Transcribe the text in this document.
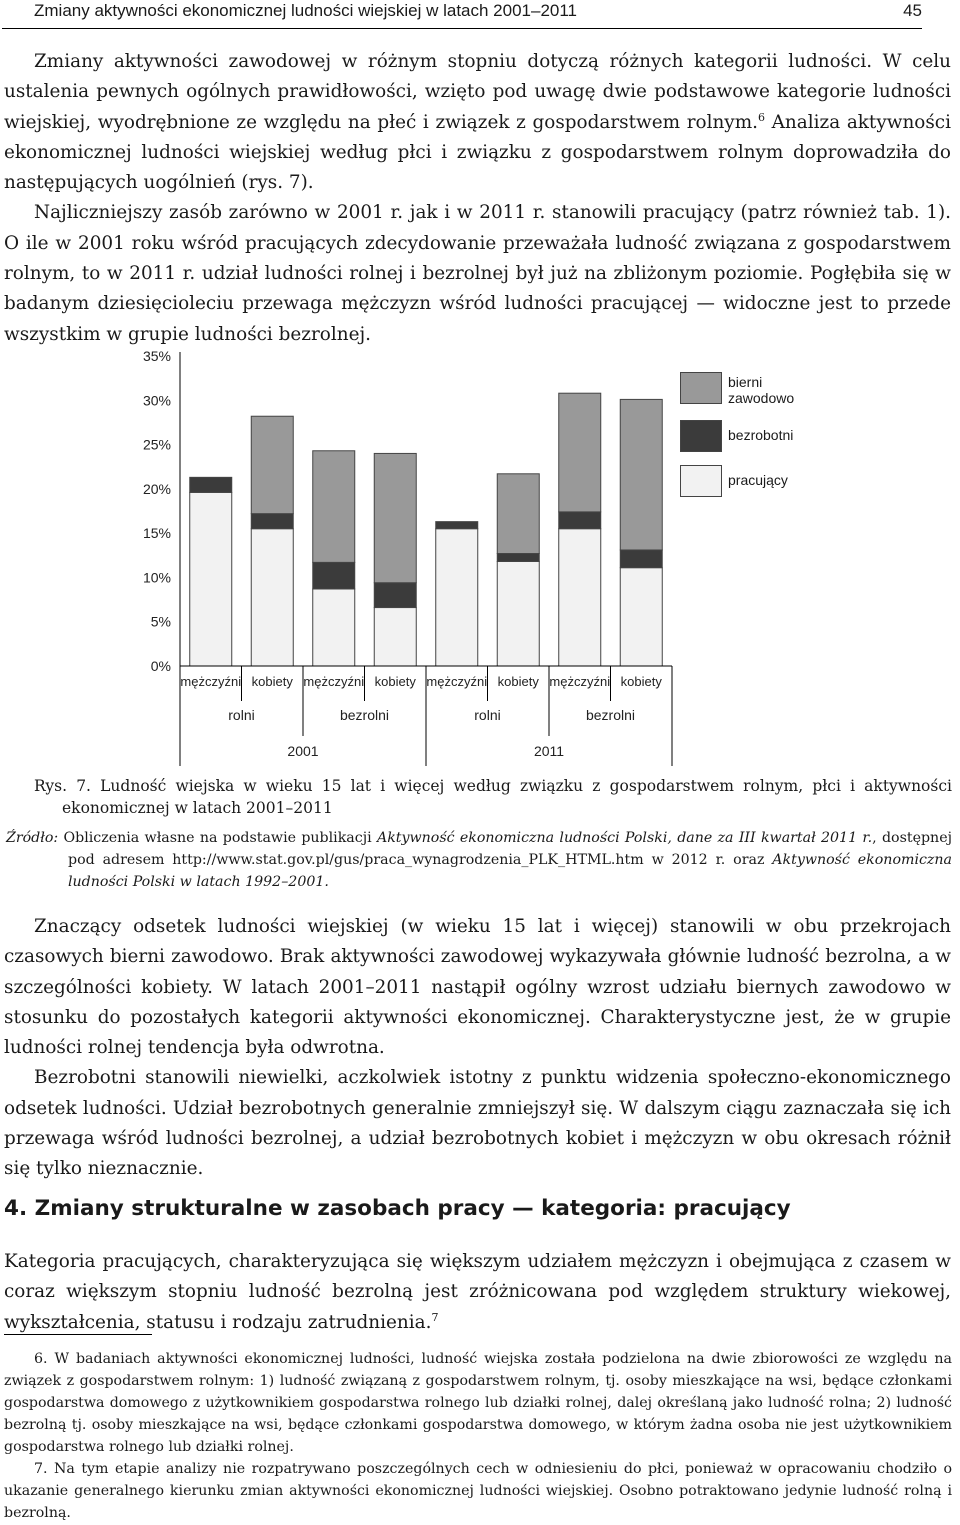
Zmiany aktywności ekonomicznej ludności wiejskiej w latach 2001–2011	45

Zmiany aktywności zawodowej w różnym stopniu dotyczą różnych kategorii ludności. W celu ustalenia pewnych ogólnych prawidłowości, wzięto pod uwagę dwie podstawowe kategorie ludności wiejskiej, wyodrębnione ze względu na płeć i związek z gospodarstwem rolnym.$^6$ Analiza aktywności ekonomicznej ludności wiejskiej według płci i związku z gospodarstwem rolnym doprowadziła do następujących uogólnień (rys. 7).

Najliczniejszy zasób zarówno w 2001 r. jak i w 2011 r. stanowili pracujący (patrz również tab. 1). O ile w 2001 roku wśród pracujących zdecydowanie przeważała ludność związana z gospodarstwem rolnym, to w 2011 r. udział ludności rolnej i bezrolnej był już na zbliżonym poziomie. Pogłębiła się w badanym dziesięcioleciu przewaga mężczyzn wśród ludności pracującej — widoczne jest to przede wszystkim w grupie ludności bezrolnej.

35%
30%
25%
20%
15%
10%
5%
0%
mężczyźni kobiety mężczyźni kobiety mężczyźni kobiety mężczyźni kobiety
rolni	bezrolni	rolni	bezrolni
2001	2011
bierni zawodowo
bezrobotni
pracujący

Rys. 7. Ludność wiejska w wieku 15 lat i więcej według związku z gospodarstwem rolnym, płci i aktywności ekonomicznej w latach 2001–2011

Źródło: Obliczenia własne na podstawie publikacji Aktywność ekonomiczna ludności Polski, dane za III kwartał 2011 r., dostępnej pod adresem http://www.stat.gov.pl/gus/praca_wynagrodzenia_PLK_HTML.htm w 2012 r. oraz Aktywność ekonomiczna ludności Polski w latach 1992–2001.

Znaczący odsetek ludności wiejskiej (w wieku 15 lat i więcej) stanowili w obu przekrojach czasowych bierni zawodowo. Brak aktywności zawodowej wykazywała głównie ludność bezrolna, a w szczególności kobiety. W latach 2001–2011 nastąpił ogólny wzrost udziału biernych zawodowo w stosunku do pozostałych kategorii aktywności ekonomicznej. Charakterystyczne jest, że w grupie ludności rolnej tendencja była odwrotna.

Bezrobotni stanowili niewielki, aczkolwiek istotny z punktu widzenia społeczno-ekonomicznego odsetek ludności. Udział bezrobotnych generalnie zmniejszył się. W dalszym ciągu zaznaczała się ich przewaga wśród ludności bezrolnej, a udział bezrobotnych kobiet i mężczyzn w obu okresach różnił się tylko nieznacznie.

4. Zmiany strukturalne w zasobach pracy — kategoria: pracujący

Kategoria pracujących, charakteryzująca się większym udziałem mężczyzn i obejmująca z czasem w coraz większym stopniu ludność bezrolną jest zróżnicowana pod względem struktury wiekowej, wykształcenia, statusu i rodzaju zatrudnienia.$^7$

6. W badaniach aktywności ekonomicznej ludności, ludność wiejska została podzielona na dwie zbiorowości ze względu na związek z gospodarstwem rolnym: 1) ludność związaną z gospodarstwem rolnym, tj. osoby mieszkające na wsi, będące członkami gospodarstwa domowego z użytkownikiem gospodarstwa rolnego lub działki rolnej, dalej określaną jako ludność rolna; 2) ludność bezrolną tj. osoby mieszkające na wsi, będące członkami gospodarstwa domowego, w którym żadna osoba nie jest użytkownikiem gospodarstwa rolnego lub działki rolnej.

7. Na tym etapie analizy nie rozpatrywano poszczególnych cech w odniesieniu do płci, ponieważ w opracowaniu chodziło o ukazanie generalnego kierunku zmian aktywności ekonomicznej ludności wiejskiej. Osobno potraktowano jedynie ludność rolną i bezrolną.
